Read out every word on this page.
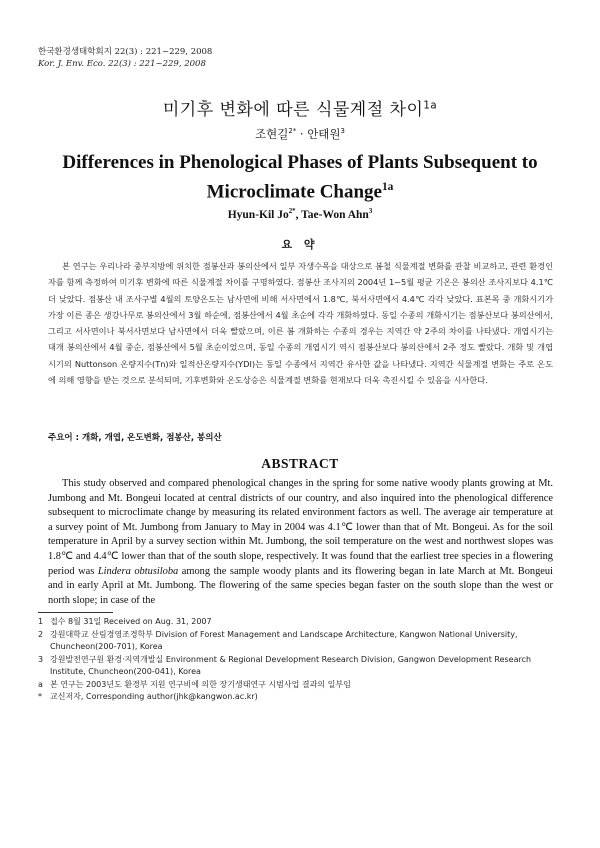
한국환경생태학회지 22(3) : 221~229, 2008
Kor. J. Env. Eco. 22(3) : 221~229, 2008
미기후 변화에 따른 식물계절 차이$^{1a}$
조현길$^{2*}$ · 안태원$^3$
Differences in Phenological Phases of Plants Subsequent to
Microclimate Change$^{1a}$
Hyun-Kil $Jo^{2*}$, Tae-Won Ahn$^3$
요 약
본 연구는 우리나라 중부지방에 위치한 점봉산과 봉의산에서 일부 자생수목을 대상으로 봄철 식물계절 변화를 관찰 비교하고, 관련 환경인자를 함께 측정하여 미기후 변화에 따른 식물계절 차이를 구명하였다. 점봉산 조사지의 2004년 1~5월 평균 기온은 봉의산 조사지보다 4.1℃ 더 낮았다. 점봉산 내 조사구별 4월의 토양온도는 남사면에 비해 서사면에서 1.8℃, 북서사면에서 4.4℃ 각각 낮았다. 표본목 중 개화시기가 가장 이른 종은 생강나무로 봉의산에서 3월 하순에, 점봉산에서 4월 초순에 각각 개화하였다. 동일 수종의 개화시기는 점봉산보다 봉의산에서, 그리고 서사면이나 북서사면보다 남사면에서 더욱 빨랐으며, 이른 봄 개화하는 수종의 경우는 지역간 약 2주의 차이를 나타냈다. 개엽시기는 대개 봉의산에서 4월 중순, 점봉산에서 5월 초순이었으며, 동일 수종의 개엽시기 역시 점봉산보다 봉의산에서 2주 정도 빨랐다. 개화 및 개엽시기의 Nuttonson 온량지수(Tn)와 일적산온량지수(YDI)는 동일 수종에서 지역간 유사한 값을 나타냈다. 지역간 식물계절 변화는 주로 온도에 의해 영향을 받는 것으로 분석되며, 기후변화와 온도상승은 식물계절 변화를 현재보다 더욱 촉진시킬 수 있음을 시사한다.
주요어 : 개화, 개엽, 온도변화, 점봉산, 봉의산
ABSTRACT
This study observed and compared phenological changes in the spring for some native woody plants growing at Mt. Jumbong and Mt. Bongeui located at central districts of our country, and also inquired into the phenological difference subsequent to microclimate change by measuring its related environment factors as well. The average air temperature at a survey point of Mt. Jumbong from January to May in 2004 was 4.1℃ lower than that of Mt. Bongeui. As for the soil temperature in April by a survey section within Mt. Jumbong, the soil temperature on the west and northwest slopes was 1.8℃ and 4.4℃ lower than that of the south slope, respectively. It was found that the earliest tree species in a flowering period was Lindera obtusiloba among the sample woody plants and its flowering began in late March at Mt. Bongeui and in early April at Mt. Jumbong. The flowering of the same species began faster on the south slope than the west or north slope; in case of the
1 접수 8월 31일 Received on Aug. 31, 2007
2 강원대학교 산림경영조경학부 Division of Forest Management and Landscape Architecture, Kangwon National University, Chuncheon(200-701), Korea
3 강원발전연구원 환경·지역개발실 Environment & Regional Development Research Division, Gangwon Development Research Institute, Chuncheon(200-041), Korea
a 본 연구는 2003년도 환경부 지원 연구비에 의한 장기생태연구 시범사업 결과의 일부임
*	교신저자, Corresponding author(jhk@kangwon.ac.kr)
